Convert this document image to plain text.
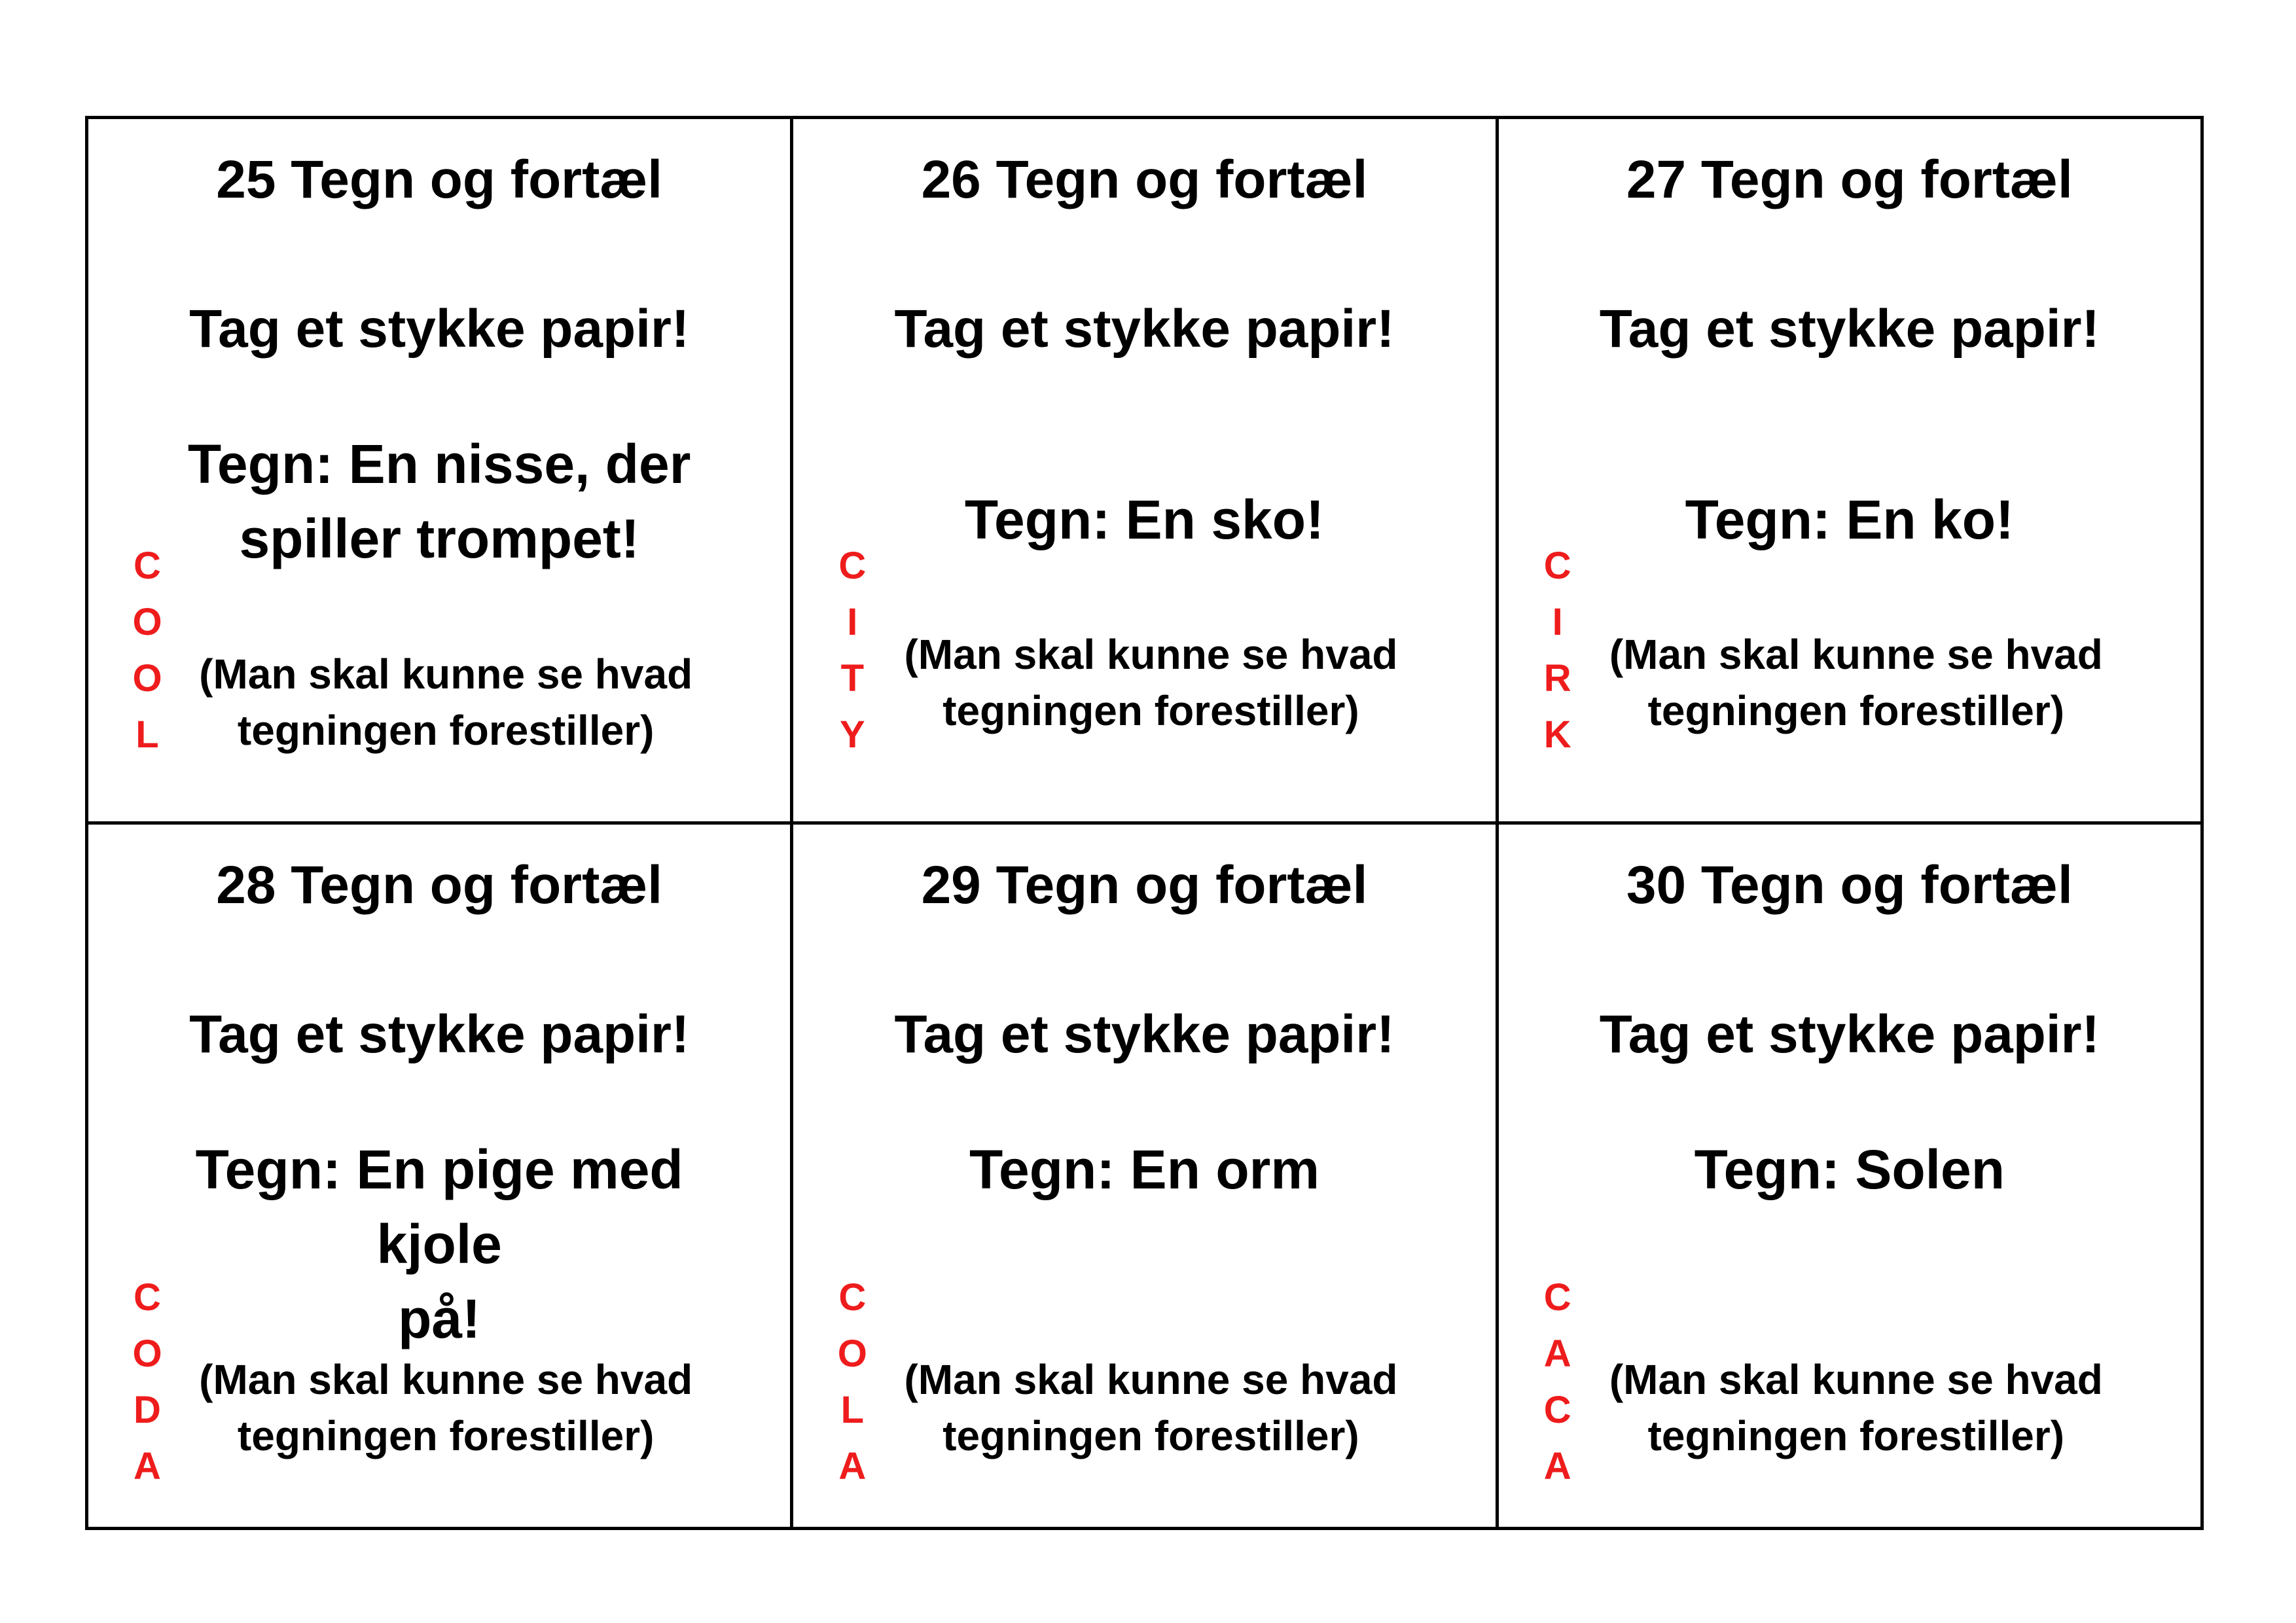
25 Tegn og fortæl

Tag et stykke papir!

Tegn: En nisse, der
spiller trompet!
(Man skal kunne se hvad
tegningen forestiller)
C
O
O
L

26 Tegn og fortæl

Tag et stykke papir!

Tegn: En sko!
(Man skal kunne se hvad
tegningen forestiller)
C
I
T
Y

27 Tegn og fortæl

Tag et stykke papir!

Tegn: En ko!
(Man skal kunne se hvad
tegningen forestiller)
C
I
R
K

28 Tegn og fortæl

Tag et stykke papir!

Tegn: En pige med kjole
på!
(Man skal kunne se hvad
tegningen forestiller)
C
O
D
A

29 Tegn og fortæl

Tag et stykke papir!

Tegn: En orm
(Man skal kunne se hvad
tegningen forestiller)
C
O
L
A

30 Tegn og fortæl

Tag et stykke papir!

Tegn: Solen
(Man skal kunne se hvad
tegningen forestiller)
C
A
C
A
